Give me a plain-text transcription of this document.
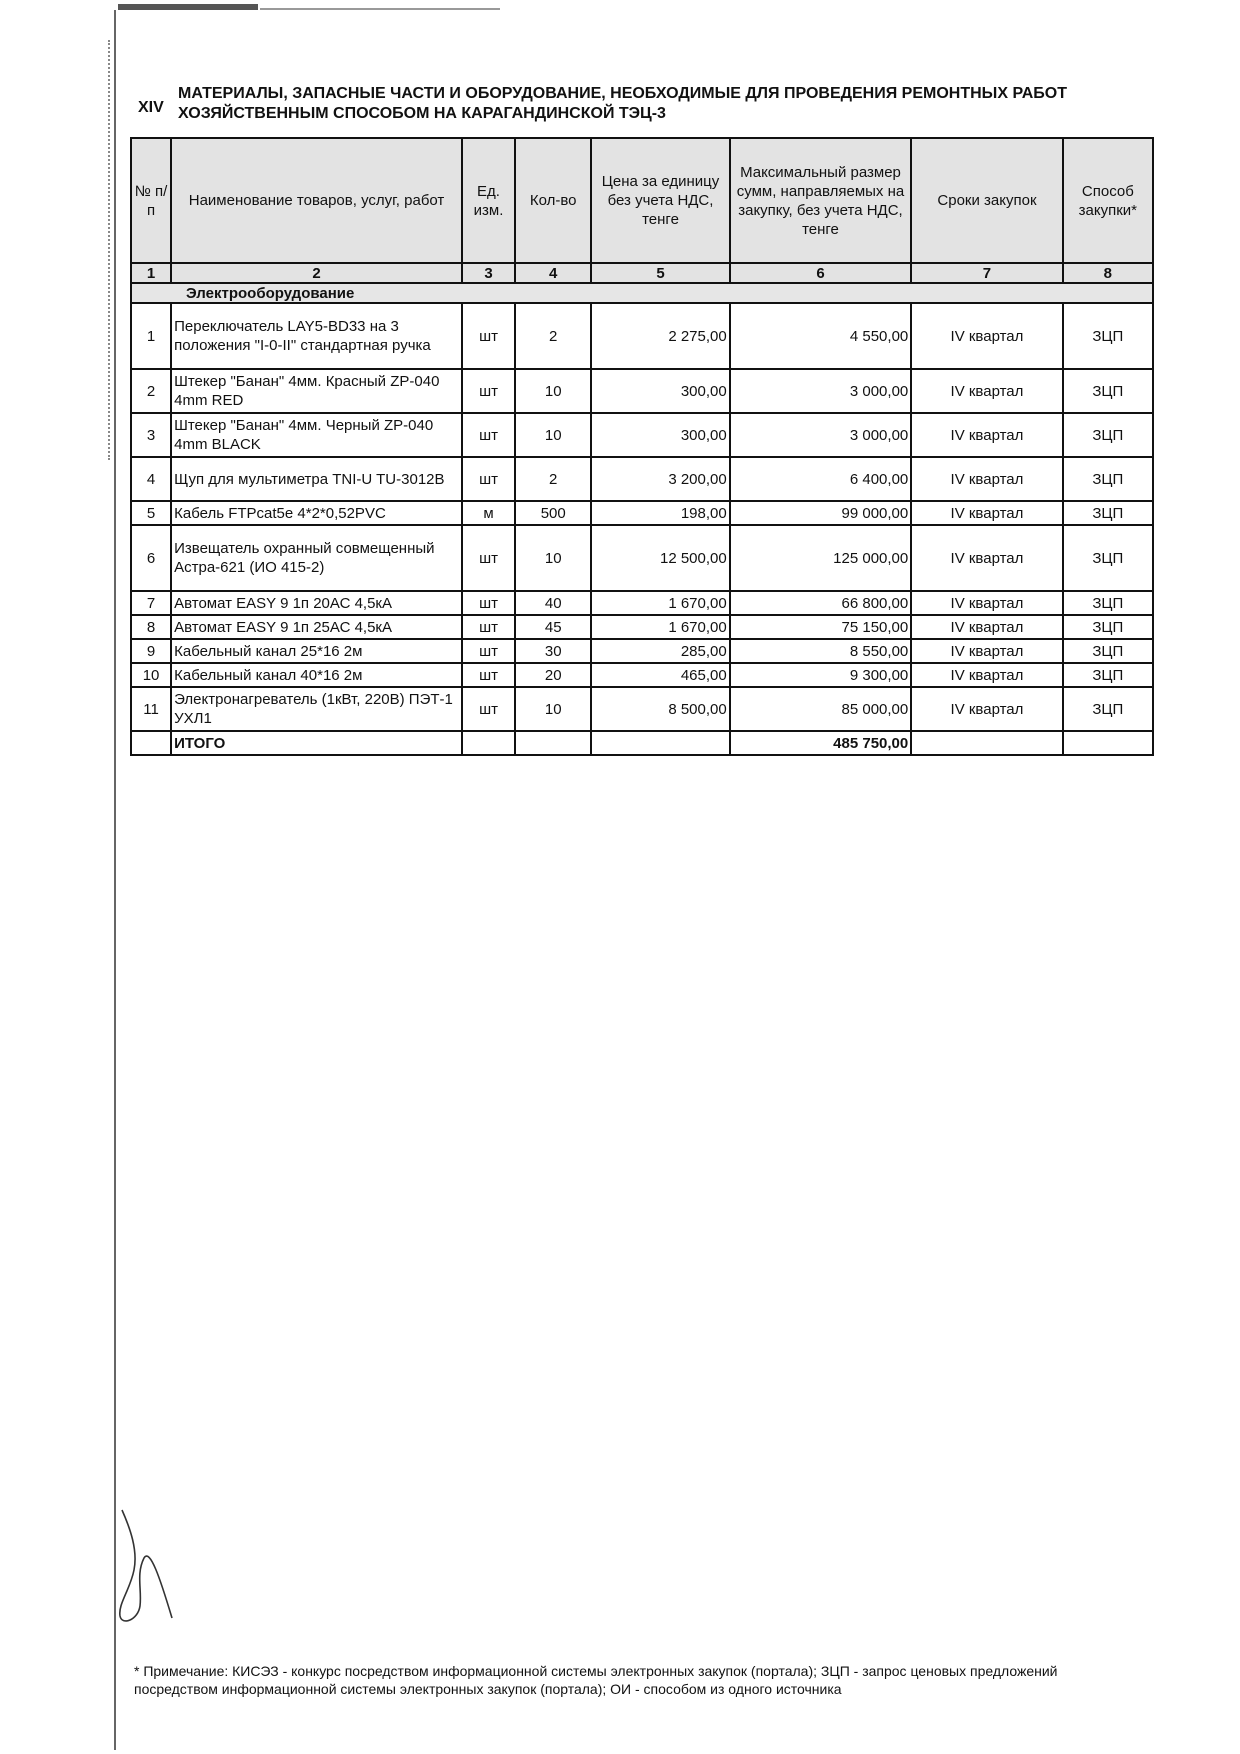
XIV
МАТЕРИАЛЫ, ЗАПАСНЫЕ ЧАСТИ И ОБОРУДОВАНИЕ, НЕОБХОДИМЫЕ ДЛЯ ПРОВЕДЕНИЯ РЕМОНТНЫХ РАБОТ ХОЗЯЙСТВЕННЫМ СПОСОБОМ НА КАРАГАНДИНСКОЙ ТЭЦ-3
№ п/п	Наименование товаров, услуг, работ	Ед. изм.	Кол-во	Цена за единицу без учета НДС, тенге	Максимальный размер сумм, направляемых на закупку, без учета НДС, тенге	Сроки закупок	Способ закупки*
1	2	3	4	5	6	7	8
Электрооборудование							
1	Переключатель LAY5-BD33 на 3 положения "I-0-II" стандартная ручка	шт	2	2 275,00	4 550,00	IV квартал	ЗЦП
2	Штекер "Банан" 4мм. Красный ZP-040 4mm RED	шт	10	300,00	3 000,00	IV квартал	ЗЦП
3	Штекер "Банан" 4мм. Черный ZP-040 4mm BLACK	шт	10	300,00	3 000,00	IV квартал	ЗЦП
4	Щуп для мультиметра TNI-U TU-3012B	шт	2	3 200,00	6 400,00	IV квартал	ЗЦП
5	Кабель FTPcat5e 4*2*0,52PVC	м	500	198,00	99 000,00	IV квартал	ЗЦП
6	Извещатель охранный совмещенный Астра-621 (ИО 415-2)	шт	10	12 500,00	125 000,00	IV квартал	ЗЦП
7	Автомат EASY 9 1п 20АС 4,5кА	шт	40	1 670,00	66 800,00	IV квартал	ЗЦП
8	Автомат EASY 9 1п 25АС 4,5кА	шт	45	1 670,00	75 150,00	IV квартал	ЗЦП
9	Кабельный канал 25*16 2м	шт	30	285,00	8 550,00	IV квартал	ЗЦП
10	Кабельный канал 40*16 2м	шт	20	465,00	9 300,00	IV квартал	ЗЦП
11	Электронагреватель (1кВт, 220В) ПЭТ-1 УХЛ1	шт	10	8 500,00	85 000,00	IV квартал	ЗЦП
	ИТОГО				485 750,00		
* Примечание: КИСЭЗ - конкурс посредством информационной системы электронных закупок (портала); ЗЦП - запрос ценовых предложений посредством информационной системы электронных закупок (портала); ОИ - способом из одного источника
